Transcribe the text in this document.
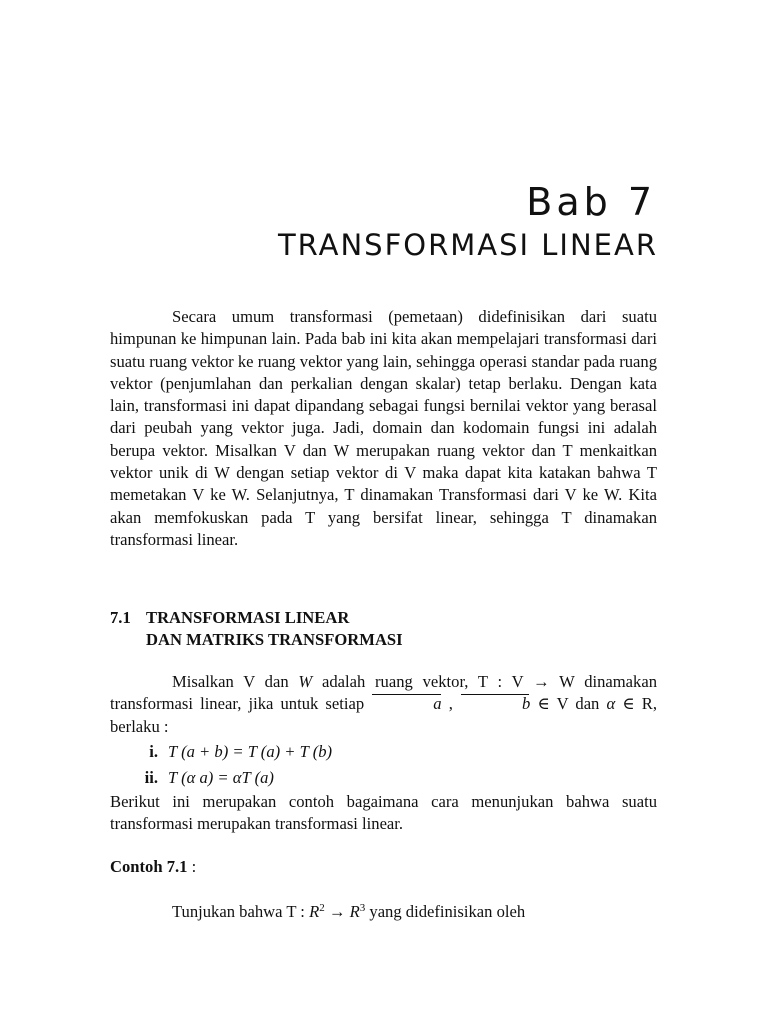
Bab 7
TRANSFORMASI LINEAR

Secara umum transformasi (pemetaan) didefinisikan dari suatu himpunan ke himpunan lain. Pada bab ini kita akan mempelajari transformasi dari suatu ruang vektor ke ruang vektor yang lain, sehingga operasi standar pada ruang vektor (penjumlahan dan perkalian dengan skalar) tetap berlaku. Dengan kata lain, transformasi ini dapat dipandang sebagai fungsi bernilai vektor yang berasal dari peubah yang vektor juga. Jadi, domain dan kodomain fungsi ini adalah berupa vektor. Misalkan V dan W merupakan ruang vektor dan T menkaitkan vektor unik di W dengan setiap vektor di V maka dapat kita katakan bahwa T memetakan V ke W. Selanjutnya, T dinamakan Transformasi dari V ke W. Kita akan memfokuskan pada T yang bersifat linear, sehingga T dinamakan transformasi linear.

7.1 TRANSFORMASI LINEAR
DAN MATRIKS TRANSFORMASI

Misalkan V dan W adalah ruang vektor, T : V → W dinamakan transformasi linear, jika untuk setiap	a ,	b ∈ V dan α ∈ R, berlaku :

i. T (a + b) = T (a) + T (b)
ii. T (α a) = αT (a)

Berikut ini merupakan contoh bagaimana cara menunjukan bahwa suatu transformasi merupakan transformasi linear.

Contoh 7.1 :
Tunjukan bahwa T : $R^2 \to R^3$ yang didefinisikan oleh
